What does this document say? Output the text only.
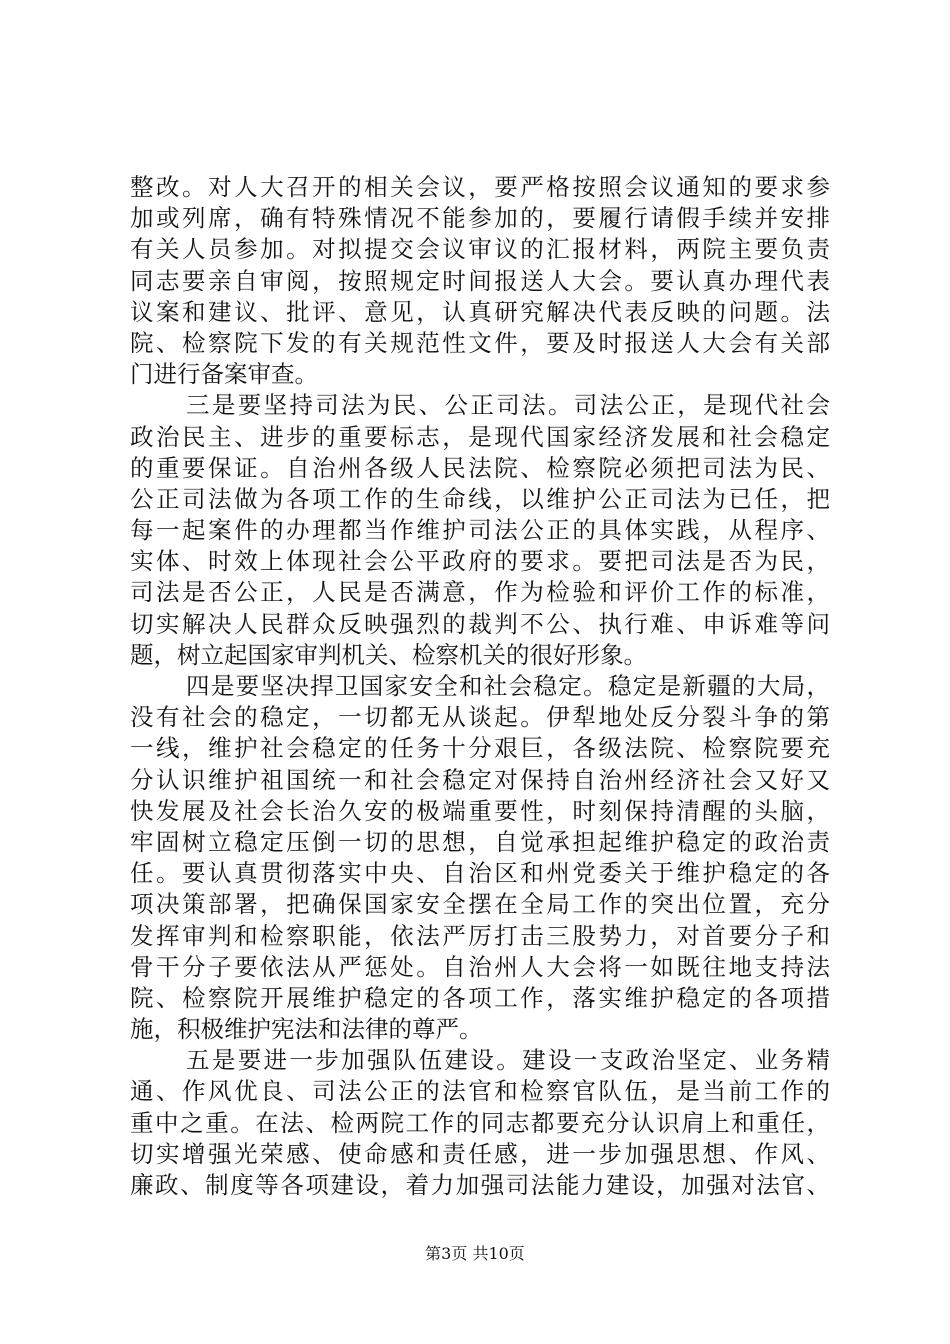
整改。对人大召开的相关会议，要严格按照会议通知的要求参
加或列席，确有特殊情况不能参加的，要履行请假手续并安排
有关人员参加。对拟提交会议审议的汇报材料，两院主要负责
同志要亲自审阅，按照规定时间报送人大会。要认真办理代表
议案和建议、批评、意见，认真研究解决代表反映的问题。法
院、检察院下发的有关规范性文件，要及时报送人大会有关部
门进行备案审查。
三是要坚持司法为民、公正司法。司法公正，是现代社会
政治民主、进步的重要标志，是现代国家经济发展和社会稳定
的重要保证。自治州各级人民法院、检察院必须把司法为民、
公正司法做为各项工作的生命线，以维护公正司法为已任，把
每一起案件的办理都当作维护司法公正的具体实践，从程序、
实体、时效上体现社会公平政府的要求。要把司法是否为民，
司法是否公正，人民是否满意，作为检验和评价工作的标准，
切实解决人民群众反映强烈的裁判不公、执行难、申诉难等问
题，树立起国家审判机关、检察机关的很好形象。
四是要坚决捍卫国家安全和社会稳定。稳定是新疆的大局，
没有社会的稳定，一切都无从谈起。伊犁地处反分裂斗争的第
一线，维护社会稳定的任务十分艰巨，各级法院、检察院要充
分认识维护祖国统一和社会稳定对保持自治州经济社会又好又
快发展及社会长治久安的极端重要性，时刻保持清醒的头脑，
牢固树立稳定压倒一切的思想，自觉承担起维护稳定的政治责
任。要认真贯彻落实中央、自治区和州党委关于维护稳定的各
项决策部署，把确保国家安全摆在全局工作的突出位置，充分
发挥审判和检察职能，依法严厉打击三股势力，对首要分子和
骨干分子要依法从严惩处。自治州人大会将一如既往地支持法
院、检察院开展维护稳定的各项工作，落实维护稳定的各项措
施，积极维护宪法和法律的尊严。
五是要进一步加强队伍建设。建设一支政治坚定、业务精
通、作风优良、司法公正的法官和检察官队伍，是当前工作的
重中之重。在法、检两院工作的同志都要充分认识肩上和重任，
切实增强光荣感、使命感和责任感，进一步加强思想、作风、
廉政、制度等各项建设，着力加强司法能力建设，加强对法官、
第3页 共10页
